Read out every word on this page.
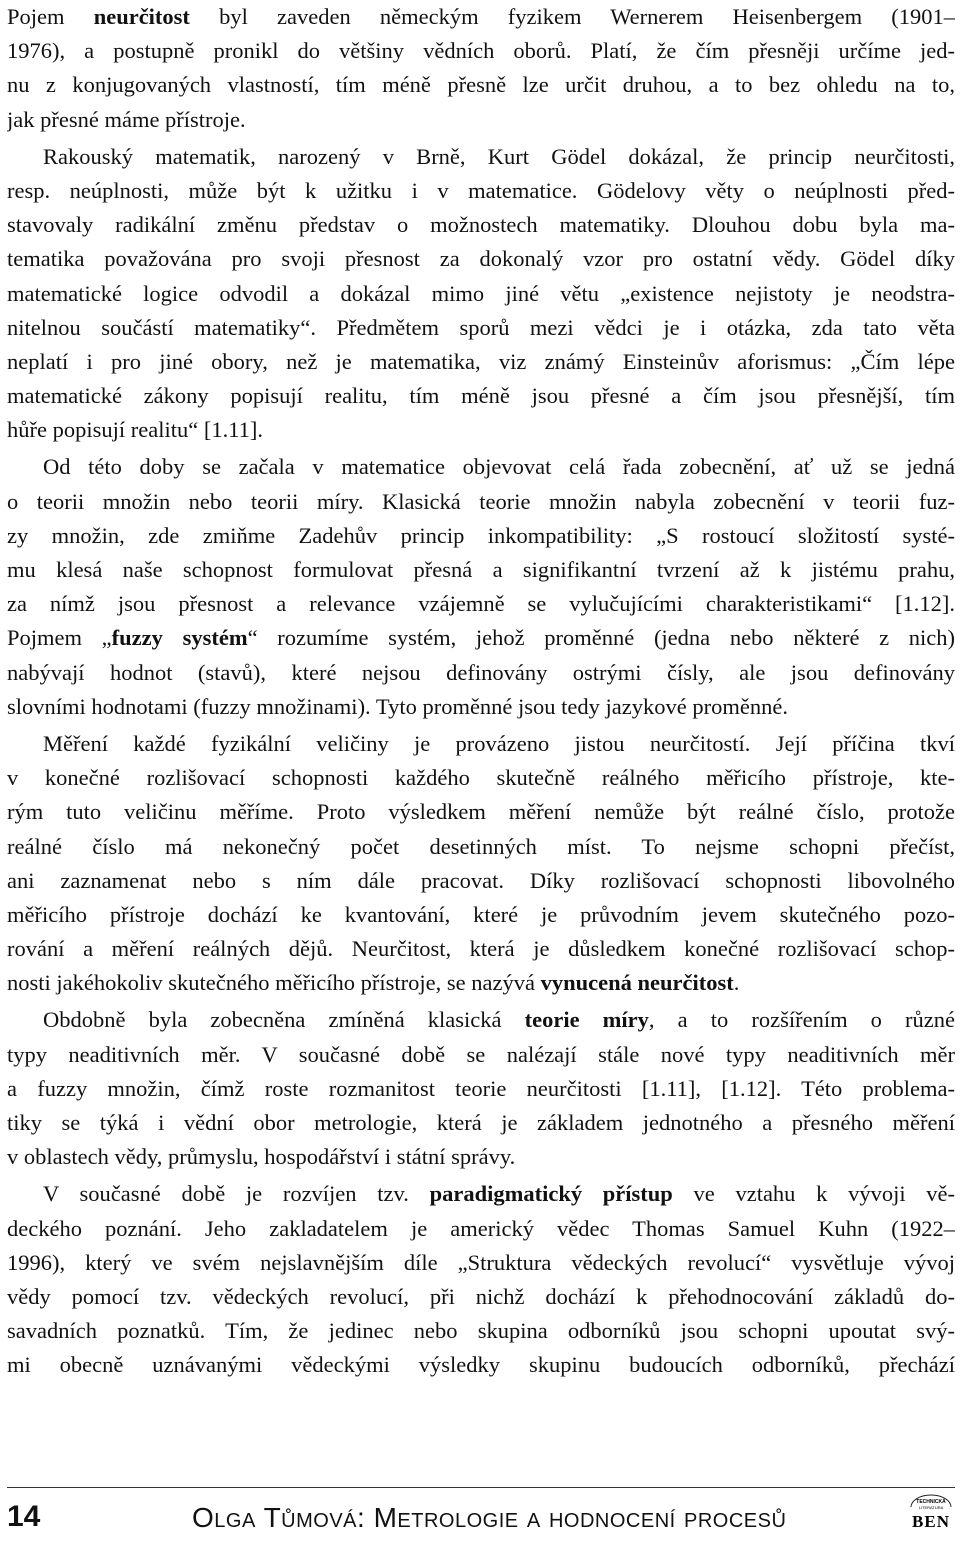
Pojem neurčitost byl zaveden německým fyzikem Wernerem Heisenbergem (1901–
1976), a postupně pronikl do většiny vědních oborů. Platí, že čím přesněji určíme jed-
nu z konjugovaných vlastností, tím méně přesně lze určit druhou, a to bez ohledu na to,
jak přesné máme přístroje.
Rakouský matematik, narozený v Brně, Kurt Gödel dokázal, že princip neurčitosti,
resp. neúplnosti, může být k užitku i v matematice. Gödelovy věty o neúplnosti před-
stavovaly radikální změnu představ o možnostech matematiky. Dlouhou dobu byla ma-
tematika považována pro svoji přesnost za dokonalý vzor pro ostatní vědy. Gödel díky
matematické logice odvodil a dokázal mimo jiné větu „existence nejistoty je neodstra-
nitelnou součástí matematiky“. Předmětem sporů mezi vědci je i otázka, zda tato věta
neplatí i pro jiné obory, než je matematika, viz známý Einsteinův aforismus: „Čím lépe
matematické zákony popisují realitu, tím méně jsou přesné a čím jsou přesnější, tím
hůře popisují realitu“ [1.11].
Od této doby se začala v matematice objevovat celá řada zobecnění, ať už se jedná
o teorii množin nebo teorii míry. Klasická teorie množin nabyla zobecnění v teorii fuz-
zy množin, zde zmiňme Zadehův princip inkompatibility: „S rostoucí složitostí systé-
mu klesá naše schopnost formulovat přesná a signifikantní tvrzení až k jistému prahu,
za nímž jsou přesnost a relevance vzájemně se vylučujícími charakteristikami“ [1.12].
Pojmem „fuzzy systém“ rozumíme systém, jehož proměnné (jedna nebo některé z nich)
nabývají hodnot (stavů), které nejsou definovány ostrými čísly, ale jsou definovány
slovními hodnotami (fuzzy množinami). Tyto proměnné jsou tedy jazykové proměnné.
Měření každé fyzikální veličiny je provázeno jistou neurčitostí. Její příčina tkví
v konečné rozlišovací schopnosti každého skutečně reálného měřicího přístroje, kte-
rým tuto veličinu měříme. Proto výsledkem měření nemůže být reálné číslo, protože
reálné číslo má nekonečný počet desetinných míst. To nejsme schopni přečíst,
ani zaznamenat nebo s ním dále pracovat. Díky rozlišovací schopnosti libovolného
měřicího přístroje dochází ke kvantování, které je průvodním jevem skutečného pozo-
rování a měření reálných dějů. Neurčitost, která je důsledkem konečné rozlišovací schop-
nosti jakéhokoliv skutečného měřicího přístroje, se nazývá vynucená neurčitost.
Obdobně byla zobecněna zmíněná klasická teorie míry, a to rozšířením o různé
typy neaditivních měr. V současné době se nalézají stále nové typy neaditivních měr
a fuzzy množin, čímž roste rozmanitost teorie neurčitosti [1.11], [1.12]. Této problema-
tiky se týká i vědní obor metrologie, která je základem jednotného a přesného měření
v oblastech vědy, průmyslu, hospodářství i státní správy.
V současné době je rozvíjen tzv. paradigmatický přístup ve vztahu k vývoji vě-
deckého poznání. Jeho zakladatelem je americký vědec Thomas Samuel Kuhn (1922–
1996), který ve svém nejslavnějším díle „Struktura vědeckých revolucí“ vysvětluje vývoj
vědy pomocí tzv. vědeckých revolucí, při nichž dochází k přehodnocování základů do-
savadních poznatků. Tím, že jedinec nebo skupina odborníků jsou schopni upoutat svý-
mi obecně uznávanými vědeckými výsledky skupinu budoucích odborníků, přechází
14	Olga Tůmová: Metrologie a hodnocení procesů	TECHNICKÁ
LITERATURA
BEN
